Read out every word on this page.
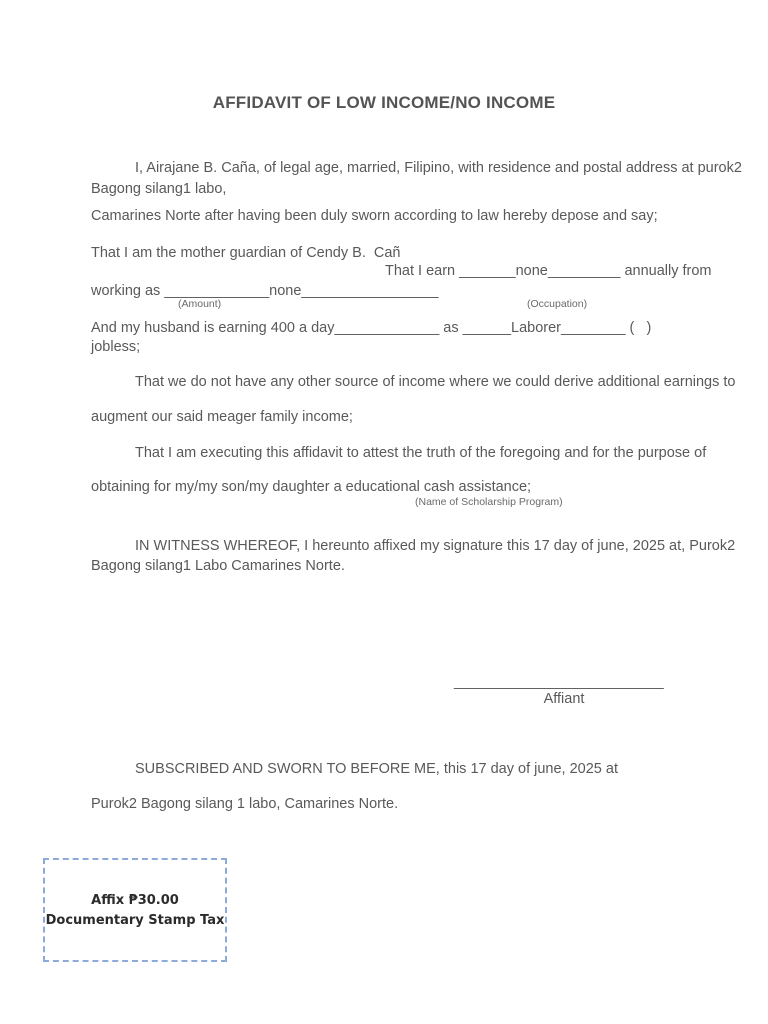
AFFIDAVIT OF LOW INCOME/NO INCOME
I, Airajane B. Caña, of legal age, married, Filipino, with residence and postal address at purok2
Bagong silang1 labo,
Camarines Norte after having been duly sworn according to law hereby depose and say;
That I am the mother guardian of Cendy B.  Cañ
That I earn _______none_________ annually from
working as _____________none_________________
(Amount)	(Occupation)
And my husband is earning 400 a day_____________ as ______Laborer________ (   )
jobless;
That we do not have any other source of income where we could derive additional earnings to
augment our said meager family income;
That I am executing this affidavit to attest the truth of the foregoing and for the purpose of
obtaining for my/my son/my daughter a educational cash assistance;
(Name of Scholarship Program)
IN WITNESS WHEREOF, I hereunto affixed my signature this 17 day of june, 2025 at, Purok2
Bagong silang1 Labo Camarines Norte.
__________________________
Affiant
SUBSCRIBED AND SWORN TO BEFORE ME, this 17 day of june, 2025 at
Purok2 Bagong silang 1 labo, Camarines Norte.
Affix ₱30.00
Documentary Stamp Tax
